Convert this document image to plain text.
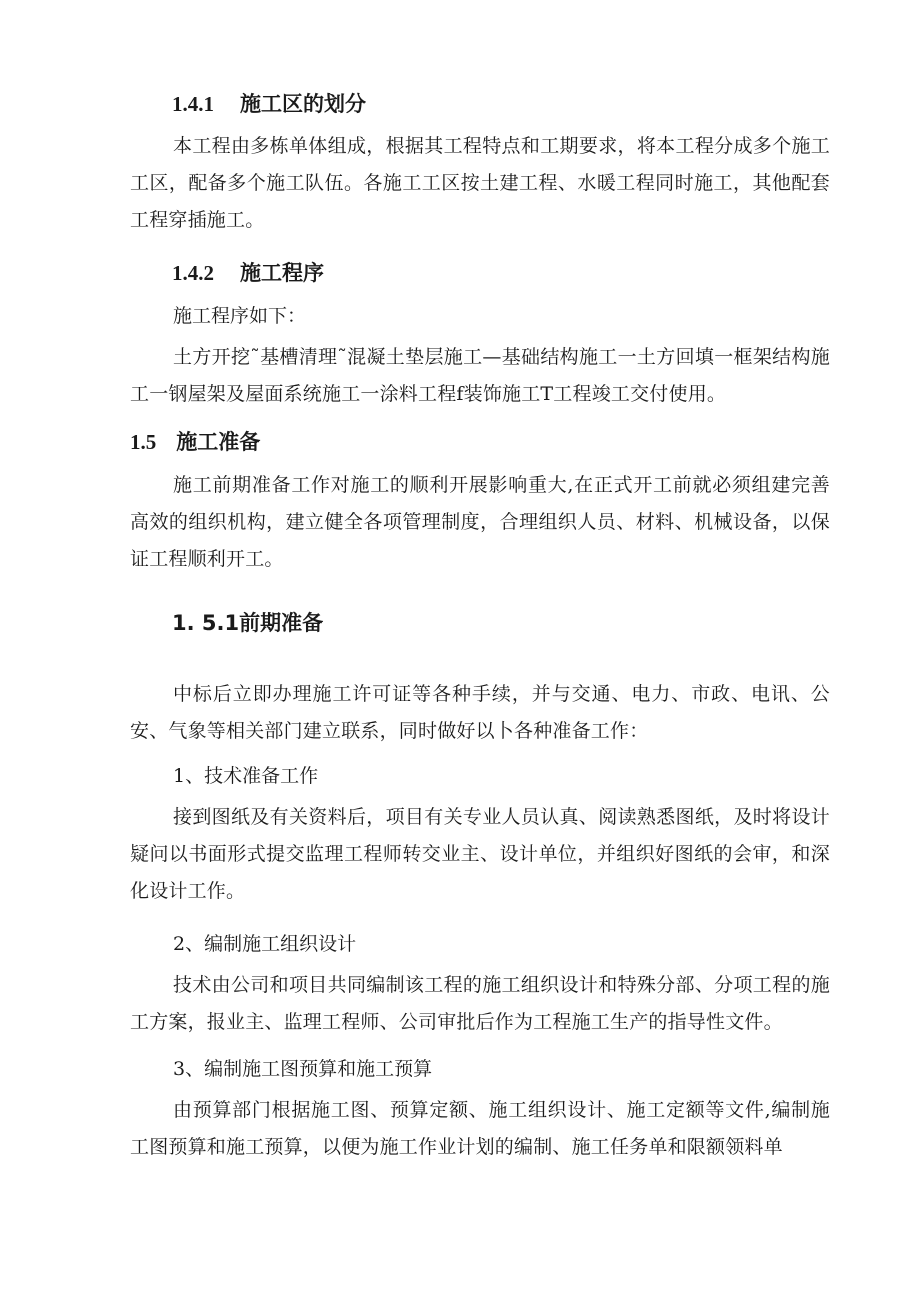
1.4.1 施工区的划分

本工程由多栋单体组成，根据其工程特点和工期要求，将本工程分成多个施工工区，配备多个施工队伍。各施工工区按土建工程、水暖工程同时施工，其他配套工程穿插施工。

1.4.2 施工程序

施工程序如下：

土方开挖˜基槽清理˜混凝土垫层施工—基础结构施工一土方回填一框架结构施工一钢屋架及屋面系统施工一涂料工程f装饰施工T工程竣工交付使用。

1.5 施工准备

施工前期准备工作对施工的顺利开展影响重大,在正式开工前就必须组建完善高效的组织机构，建立健全各项管理制度，合理组织人员、材料、机械设备，以保证工程顺利开工。

1. 5.1前期准备

中标后立即办理施工许可证等各种手续，并与交通、电力、市政、电讯、公安、气象等相关部门建立联系，同时做好以卜各种准备工作：

1、技术准备工作

接到图纸及有关资料后，项目有关专业人员认真、阅读熟悉图纸，及时将设计疑问以书面形式提交监理工程师转交业主、设计单位，并组织好图纸的会审，和深化设计工作。

2、编制施工组织设计

技术由公司和项目共同编制该工程的施工组织设计和特殊分部、分项工程的施工方案，报业主、监理工程师、公司审批后作为工程施工生产的指导性文件。

3、编制施工图预算和施工预算

由预算部门根据施工图、预算定额、施工组织设计、施工定额等文件,编制施工图预算和施工预算，以便为施工作业计划的编制、施工任务单和限额领料单
